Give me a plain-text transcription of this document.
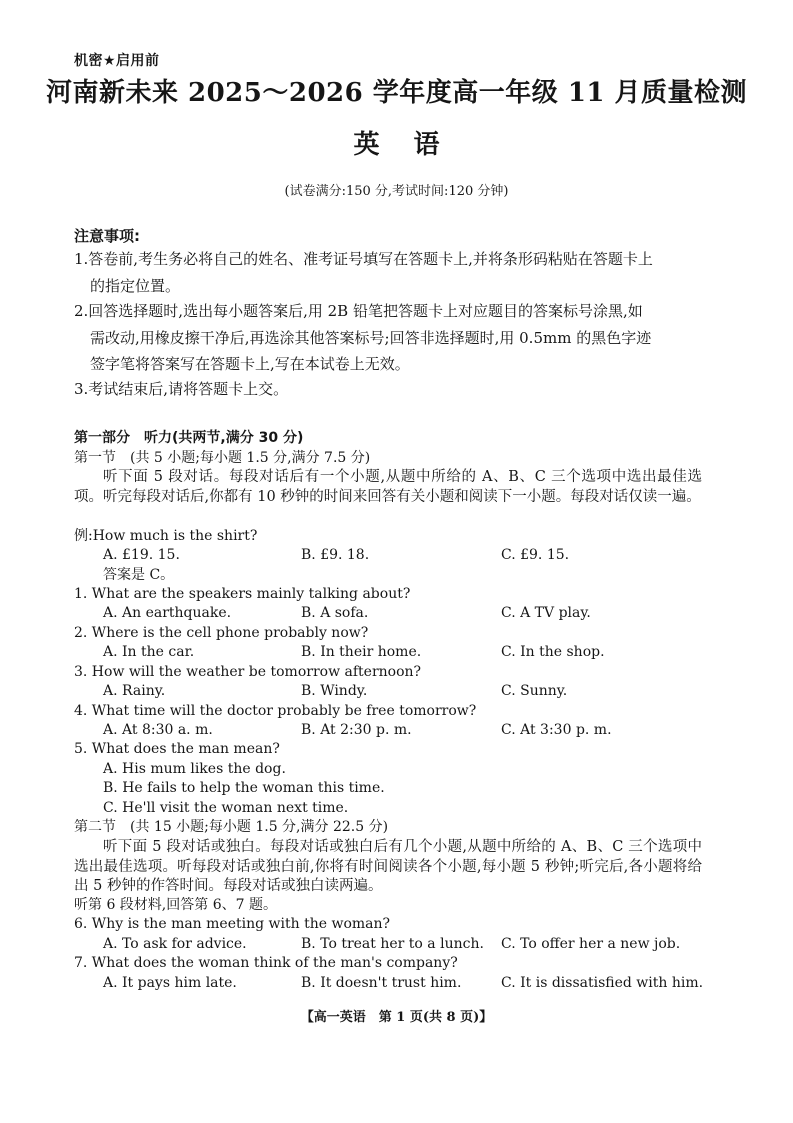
机密★启用前
河南新未来 2025～2026 学年度高一年级 11 月质量检测
英语
(试卷满分:150 分,考试时间:120 分钟)
注意事项:
1.答卷前,考生务必将自己的姓名、准考证号填写在答题卡上,并将条形码粘贴在答题卡上

的指定位置。
2.回答选择题时,选出每小题答案后,用 2B 铅笔把答题卡上对应题目的答案标号涂黑,如

需改动,用橡皮擦干净后,再选涂其他答案标号;回答非选择题时,用 0.5mm 的黑色字迹
签字笔将答案写在答题卡上,写在本试卷上无效。
3.考试结束后,请将答题卡上交。
第一部分　听力(共两节,满分 30 分)
第一节　(共 5 小题;每小题 1.5 分,满分 7.5 分)
听下面 5 段对话。每段对话后有一个小题,从题中所给的 A、B、C 三个选项中选出最佳选项。听完每段对话后,你都有 10 秒钟的时间来回答有关小题和阅读下一小题。每段对话仅读一遍。
例:How much is the shirt?
A. £19. 15.	B. £9. 18.	C. £9. 15.
答案是 C。
1. What are the speakers mainly talking about?
A. An earthquake.	B. A sofa.	C. A TV play.
2. Where is the cell phone probably now?
A. In the car.	B. In their home.	C. In the shop.
3. How will the weather be tomorrow afternoon?
A. Rainy.	B. Windy.	C. Sunny.
4. What time will the doctor probably be free tomorrow?
A. At 8:30 a. m.	B. At 2:30 p. m.	C. At 3:30 p. m.
5. What does the man mean?
A. His mum likes the dog.
B. He fails to help the woman this time.
C. He'll visit the woman next time.
第二节　(共 15 小题;每小题 1.5 分,满分 22.5 分)
听下面 5 段对话或独白。每段对话或独白后有几个小题,从题中所给的 A、B、C 三个选项中选出最佳选项。听每段对话或独白前,你将有时间阅读各个小题,每小题 5 秒钟;听完后,各小题将给出 5 秒钟的作答时间。每段对话或独白读两遍。
听第 6 段材料,回答第 6、7 题。
6. Why is the man meeting with the woman?
A. To ask for advice.	B. To treat her to a lunch. C. To offer her a new job.
7. What does the woman think of the man's company?
A. It pays him late.	B. It doesn't trust him.	C. It is dissatisfied with him.
【高一英语　第 1 页(共 8 页)】
